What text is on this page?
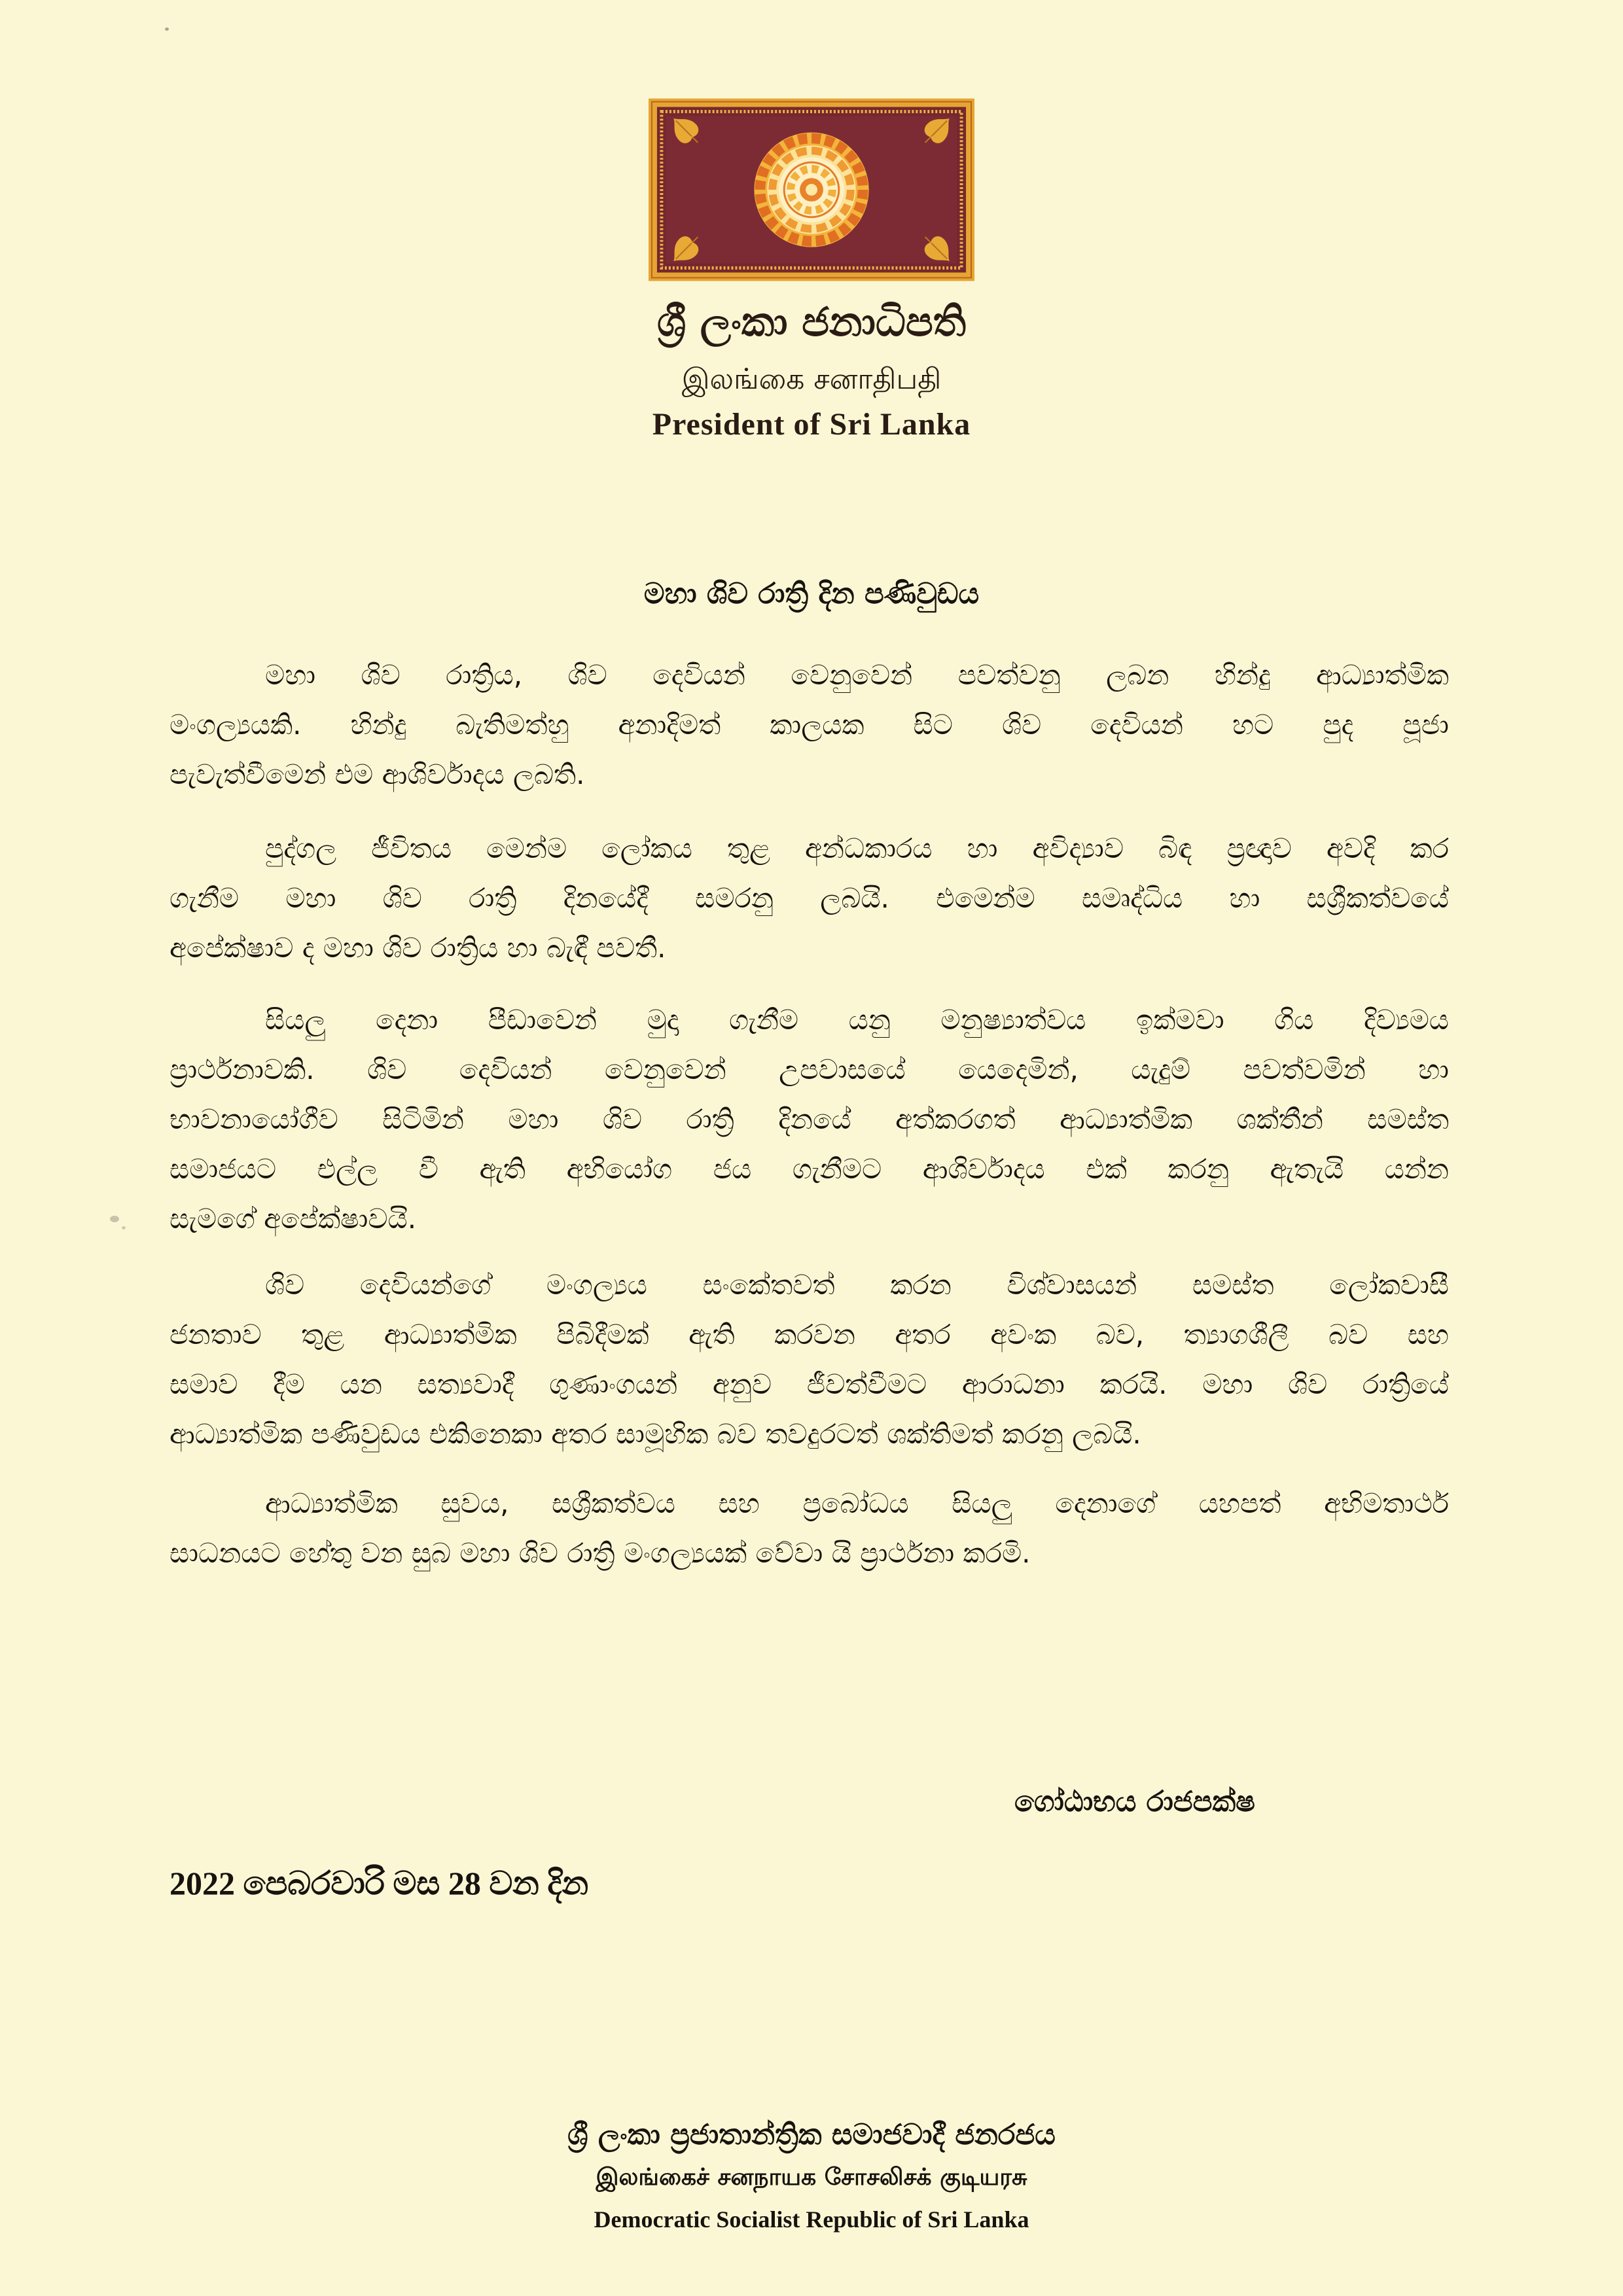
ශ්‍රී ලංකා ජනාධිපති
இலங்கை சனாதிபதி
President of Sri Lanka
මහා ශිව රාත්‍රි දින පණිවුඩය
මහා ශිව රාත්‍රිය, ශිව දෙවියන් වෙනුවෙන් පවත්වනු ලබන හින්දු ආධ්‍යාත්මික
මංගල්‍යයකි. හින්දු බැතිමත්හු අනාදිමත් කාලයක සිට ශිව දෙවියන් හට පුද පූජා
පැවැත්වීමෙන් එම ආශිර්වාදය ලබති.
පුද්ගල ජීවිතය මෙන්ම ලෝකය තුළ අන්ධකාරය හා අවිද්‍යාව බිඳ ප්‍රඥාව අවදි කර
ගැනීම මහා ශිව රාත්‍රි දිනයේදී සමරනු ලබයි. එමෙන්ම සමෘද්ධිය හා සශ්‍රීකත්වයේ
අපේක්ෂාව ද මහා ශිව රාත්‍රිය හා බැඳී පවතී.
සියලු දෙනා පීඩාවෙන් මුදා ගැනීම යනු මනුෂ්‍යාත්වය ඉක්මවා ගිය දිව්‍යමය
ප්‍රාර්ථනාවකි. ශිව දෙවියන් වෙනුවෙන් උපවාසයේ යෙදෙමින්, යැදුම් පවත්වමින් හා
භාවනායෝගීව සිටිමින් මහා ශිව රාත්‍රි දිනයේ අත්කරගත් ආධ්‍යාත්මික ශක්තීන් සමස්ත
සමාජයට එල්ල වී ඇති අභියෝග ජය ගැනීමට ආශිර්වාදය එක් කරනු ඇතැයි යන්න
සැමගේ අපේක්ෂාවයි.
ශිව දෙවියන්ගේ මංගල්‍යය සංකේතවත් කරන විශ්වාසයන් සමස්ත ලෝකවාසී
ජනතාව තුළ ආධ්‍යාත්මික පිබිදීමක් ඇති කරවන අතර අවංක බව, ත්‍යාගශීලී බව සහ
සමාව දීම යන සත්‍යවාදී ගුණාංගයන් අනුව ජීවත්වීමට ආරාධනා කරයි. මහා ශිව රාත්‍රියේ
ආධ්‍යාත්මික පණිවුඩය එකිනෙකා අතර සාමූහික බව තවදුරටත් ශක්තිමත් කරනු ලබයි.
ආධ්‍යාත්මික සුවය, සශ්‍රීකත්වය සහ ප්‍රබෝධය සියලු දෙනාගේ යහපත් අභිමතාර්ථ
සාධනයට හේතු වන සුබ මහා ශිව රාත්‍රි මංගල්‍යයක් වේවා යි ප්‍රාර්ථනා කරමි.
ගෝඨාභය රාජපක්ෂ
2022 පෙබරවාරි මස 28 වන දින
ශ්‍රී ලංකා ප්‍රජාතාන්ත්‍රික සමාජවාදී ජනරජය
இலங்கைச் சனநாயக சோசலிசக் குடியரசு
Democratic Socialist Republic of Sri Lanka
